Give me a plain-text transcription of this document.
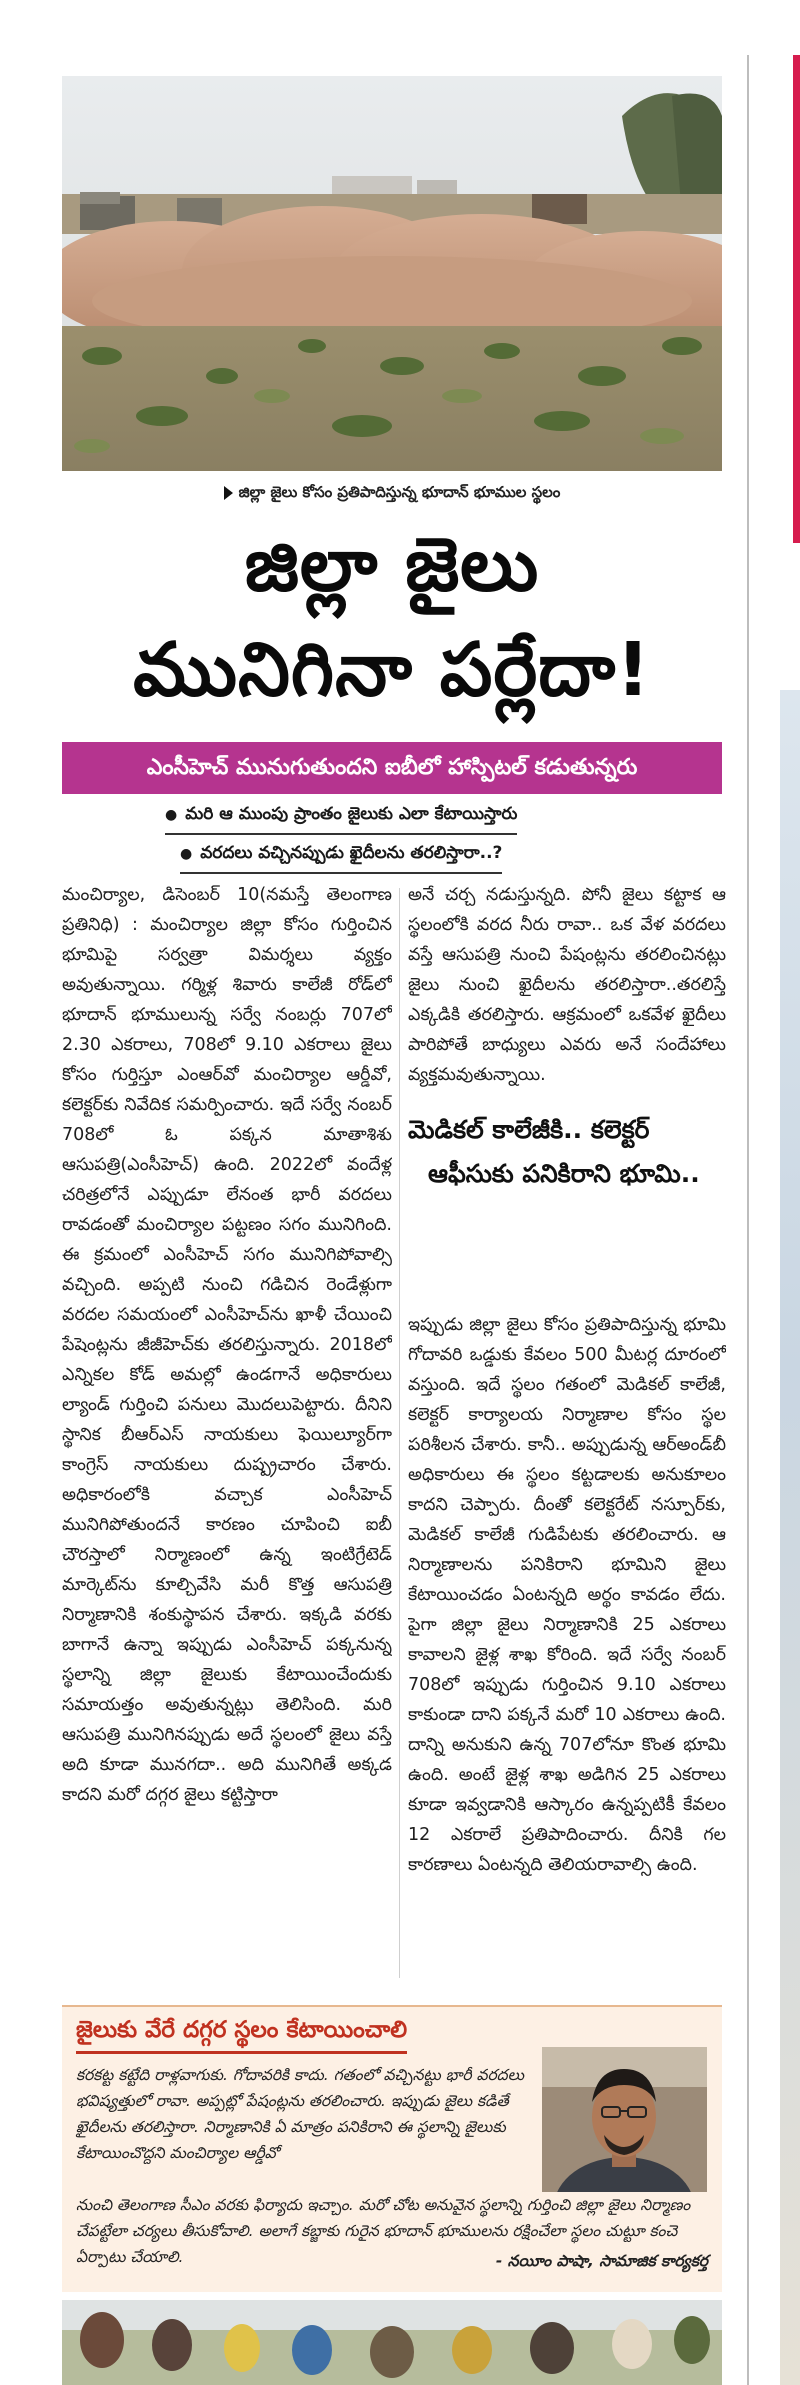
జిల్లా జైలు కోసం ప్రతిపాదిస్తున్న భూదాన్ భూముల స్థలం
జిల్లా జైలు
మునిగినా పర్లేదా!
ఎంసీహెచ్ మునుగుతుందని ఐబీలో హాస్పిటల్ కడుతున్నరు
● మరి ఆ ముంపు ప్రాంతం జైలుకు ఎలా కేటాయిస్తారు
● వరదలు వచ్చినప్పుడు ఖైదీలను తరలిస్తారా..?

మంచిర్యాల, డిసెంబర్ 10(నమస్తే తెలంగాణ ప్రతినిధి) : మంచిర్యాల జిల్లా కోసం గుర్తించిన భూమిపై సర్వత్రా విమర్శలు వ్యక్తం అవుతున్నాయి. గర్మిళ్ల శివారు కాలేజీ రోడ్‌లో భూదాన్ భూములున్న సర్వే నంబర్లు 707లో 2.30 ఎకరాలు, 708లో 9.10 ఎకరాలు జైలు కోసం గుర్తిస్తూ ఎంఆర్‌వో మంచిర్యాల ఆర్డీవో, కలెక్టర్‌కు నివేదిక సమర్పించారు. ఇదే సర్వే నంబర్ 708లో ఓ పక్కన మాతాశిశు ఆసుపత్రి(ఎంసీహెచ్) ఉంది. 2022లో వందేళ్ల చరిత్రలోనే ఎప్పుడూ లేనంత భారీ వరదలు రావడంతో మంచిర్యాల పట్టణం సగం మునిగింది. ఈ క్రమంలో ఎంసీహెచ్ సగం మునిగిపోవాల్సి వచ్చింది. అప్పటి నుంచి గడిచిన రెండేళ్లుగా వరదల సమయంలో ఎంసీహెచ్‌ను ఖాళీ చేయించి పేషెంట్లను జీజీహెచ్‌కు తరలిస్తున్నారు. 2018లో ఎన్నికల కోడ్ అమల్లో ఉండగానే అధికారులు ల్యాండ్ గుర్తించి పనులు మొదలుపెట్టారు. దీనిని స్థానిక బీఆర్ఎస్ నాయకులు ఫెయిల్యూర్‌గా కాంగ్రెస్ నాయకులు దుష్ప్రచారం చేశారు. అధికారంలోకి వచ్చాక ఎంసీహెచ్ మునిగిపోతుందనే కారణం చూపించి ఐబీ చౌరస్తాలో నిర్మాణంలో ఉన్న ఇంటిగ్రేటెడ్ మార్కెట్‌ను కూల్చివేసి మరీ కొత్త ఆసుపత్రి నిర్మాణానికి శంకుస్థాపన చేశారు. ఇక్కడి వరకు బాగానే ఉన్నా ఇప్పుడు ఎంసీహెచ్ పక్కనున్న స్థలాన్ని జిల్లా జైలుకు కేటాయించేందుకు సమాయత్తం అవుతున్నట్లు తెలిసింది. మరి ఆసుపత్రి మునిగినప్పుడు అదే స్థలంలో జైలు వస్తే అది కూడా మునగదా.. అది మునిగితే అక్కడ కాదని మరో దగ్గర జైలు కట్టిస్తారా

అనే చర్చ నడుస్తున్నది. పోనీ జైలు కట్టాక ఆ స్థలంలోకి వరద నీరు రావా.. ఒక వేళ వరదలు వస్తే ఆసుపత్రి నుంచి పేషంట్లను తరలించినట్లు జైలు నుంచి ఖైదీలను తరలిస్తారా..తరలిస్తే ఎక్కడికి తరలిస్తారు. ఆక్రమంలో ఒకవేళ ఖైదీలు పారిపోతే బాధ్యులు ఎవరు అనే సందేహాలు వ్యక్తమవుతున్నాయి.

మెడికల్ కాలేజీకి.. కలెక్టర్
ఆఫీసుకు పనికిరాని భూమి..

ఇప్పుడు జిల్లా జైలు కోసం ప్రతిపాదిస్తున్న భూమి గోదావరి ఒడ్డుకు కేవలం 500 మీటర్ల దూరంలో వస్తుంది. ఇదే స్థలం గతంలో మెడికల్ కాలేజీ, కలెక్టర్ కార్యాలయ నిర్మాణాల కోసం స్థల పరిశీలన చేశారు. కానీ.. అప్పుడున్న ఆర్అండ్‌బీ అధికారులు ఈ స్థలం కట్టడాలకు అనుకూలం కాదని చెప్పారు. దీంతో కలెక్టరేట్ నస్పూర్‌కు, మెడికల్ కాలేజీ గుడిపేటకు తరలించారు. ఆ నిర్మాణాలను పనికిరాని భూమిని జైలు కేటాయించడం ఏంటన్నది అర్థం కావడం లేదు. పైగా జిల్లా జైలు నిర్మాణానికి 25 ఎకరాలు కావాలని జైళ్ల శాఖ కోరింది. ఇదే సర్వే నంబర్ 708లో ఇప్పుడు గుర్తించిన 9.10 ఎకరాలు కాకుండా దాని పక్కనే మరో 10 ఎకరాలు ఉంది. దాన్ని అనుకుని ఉన్న 707లోనూ కొంత భూమి ఉంది. అంటే జైళ్ల శాఖ అడిగిన 25 ఎకరాలు కూడా ఇవ్వడానికి ఆస్కారం ఉన్నప్పటికీ కేవలం 12 ఎకరాలే ప్రతిపాదించారు. దీనికి గల కారణాలు ఏంటన్నది తెలియరావాల్సి ఉంది.

జైలుకు వేరే దగ్గర స్థలం కేటాయించాలి
కరకట్ట కట్టేది రాళ్లవాగుకు. గోదావరికి కాదు. గతంలో వచ్చినట్టు భారీ వరదలు భవిష్యత్తులో రావా. అప్పట్లో పేషంట్లను తరలించారు. ఇప్పుడు జైలు కడితే ఖైదీలను తరలిస్తారా. నిర్మాణానికి ఏ మాత్రం పనికిరాని ఈ స్థలాన్ని జైలుకు కేటాయించొద్దని మంచిర్యాల ఆర్డీవో
నుంచి తెలంగాణ సీఎం వరకు ఫిర్యాదు ఇచ్చాం. మరో చోట అనువైన స్థలాన్ని గుర్తించి జిల్లా జైలు నిర్మాణం చేపట్టేలా చర్యలు తీసుకోవాలి. అలాగే కబ్జాకు గురైన భూదాన్ భూములను రక్షించేలా స్థలం చుట్టూ కంచె ఏర్పాటు చేయాలి.	- నయీం పాషా, సామాజిక కార్యకర్త
